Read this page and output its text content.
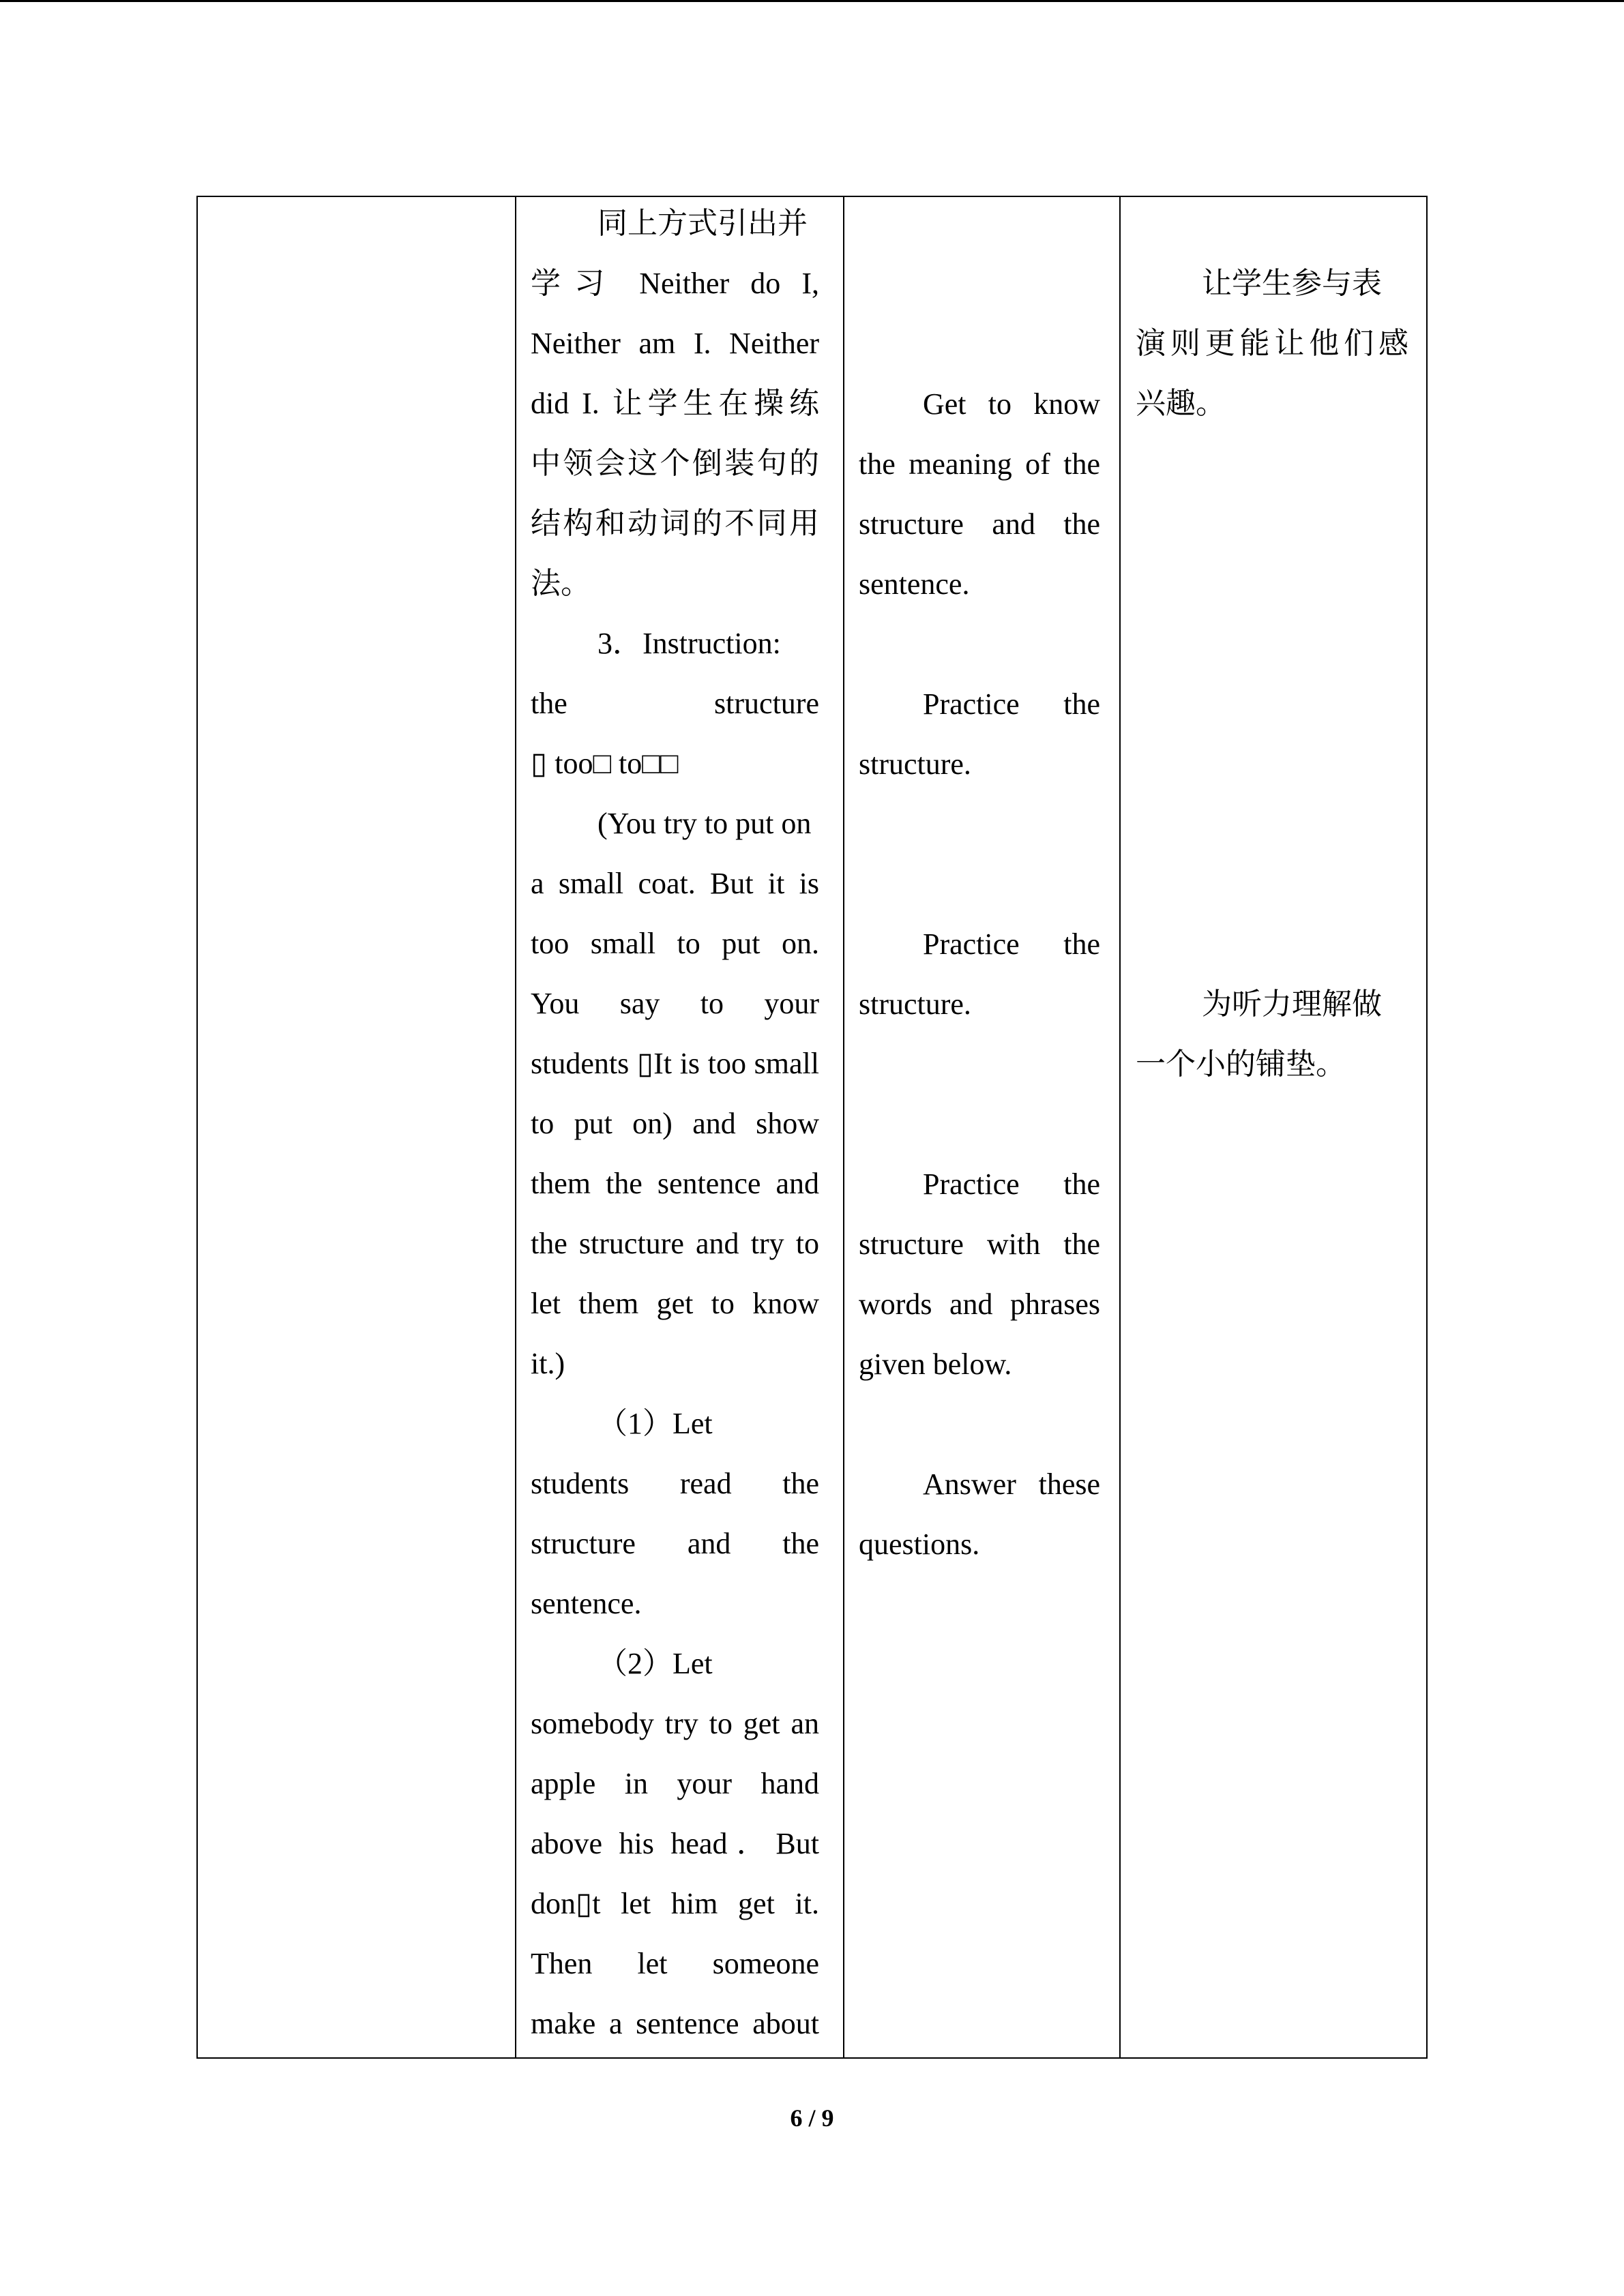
同上方式引出并
学习 Neither do I,
Neither am I. Neither
did I. 让学生在操练
中领会这个倒装句的
结构和动词的不同用
法。
3．Instruction:
the structure
▯ too□ to□□
(You try to put on
a small coat. But it is
too small to put on.
You say to your
students ▯It is too small
to put on) and show
them the sentence and
the structure and try to
let them get to know
it.)
（1）Let
students read the
structure and the
sentence.
（2）Let
somebody try to get an
apple in your hand
above his head．But
don▯t let him get it.
Then let someone
make a sentence about
Get to know
the meaning of the
structure and the
sentence.
Practice the
structure.
Practice the
structure.
Practice the
structure with the
words and phrases
given below.
Answer these
questions.
让学生参与表
演则更能让他们感
兴趣。
为听力理解做
一个小的铺垫。
6 / 9
